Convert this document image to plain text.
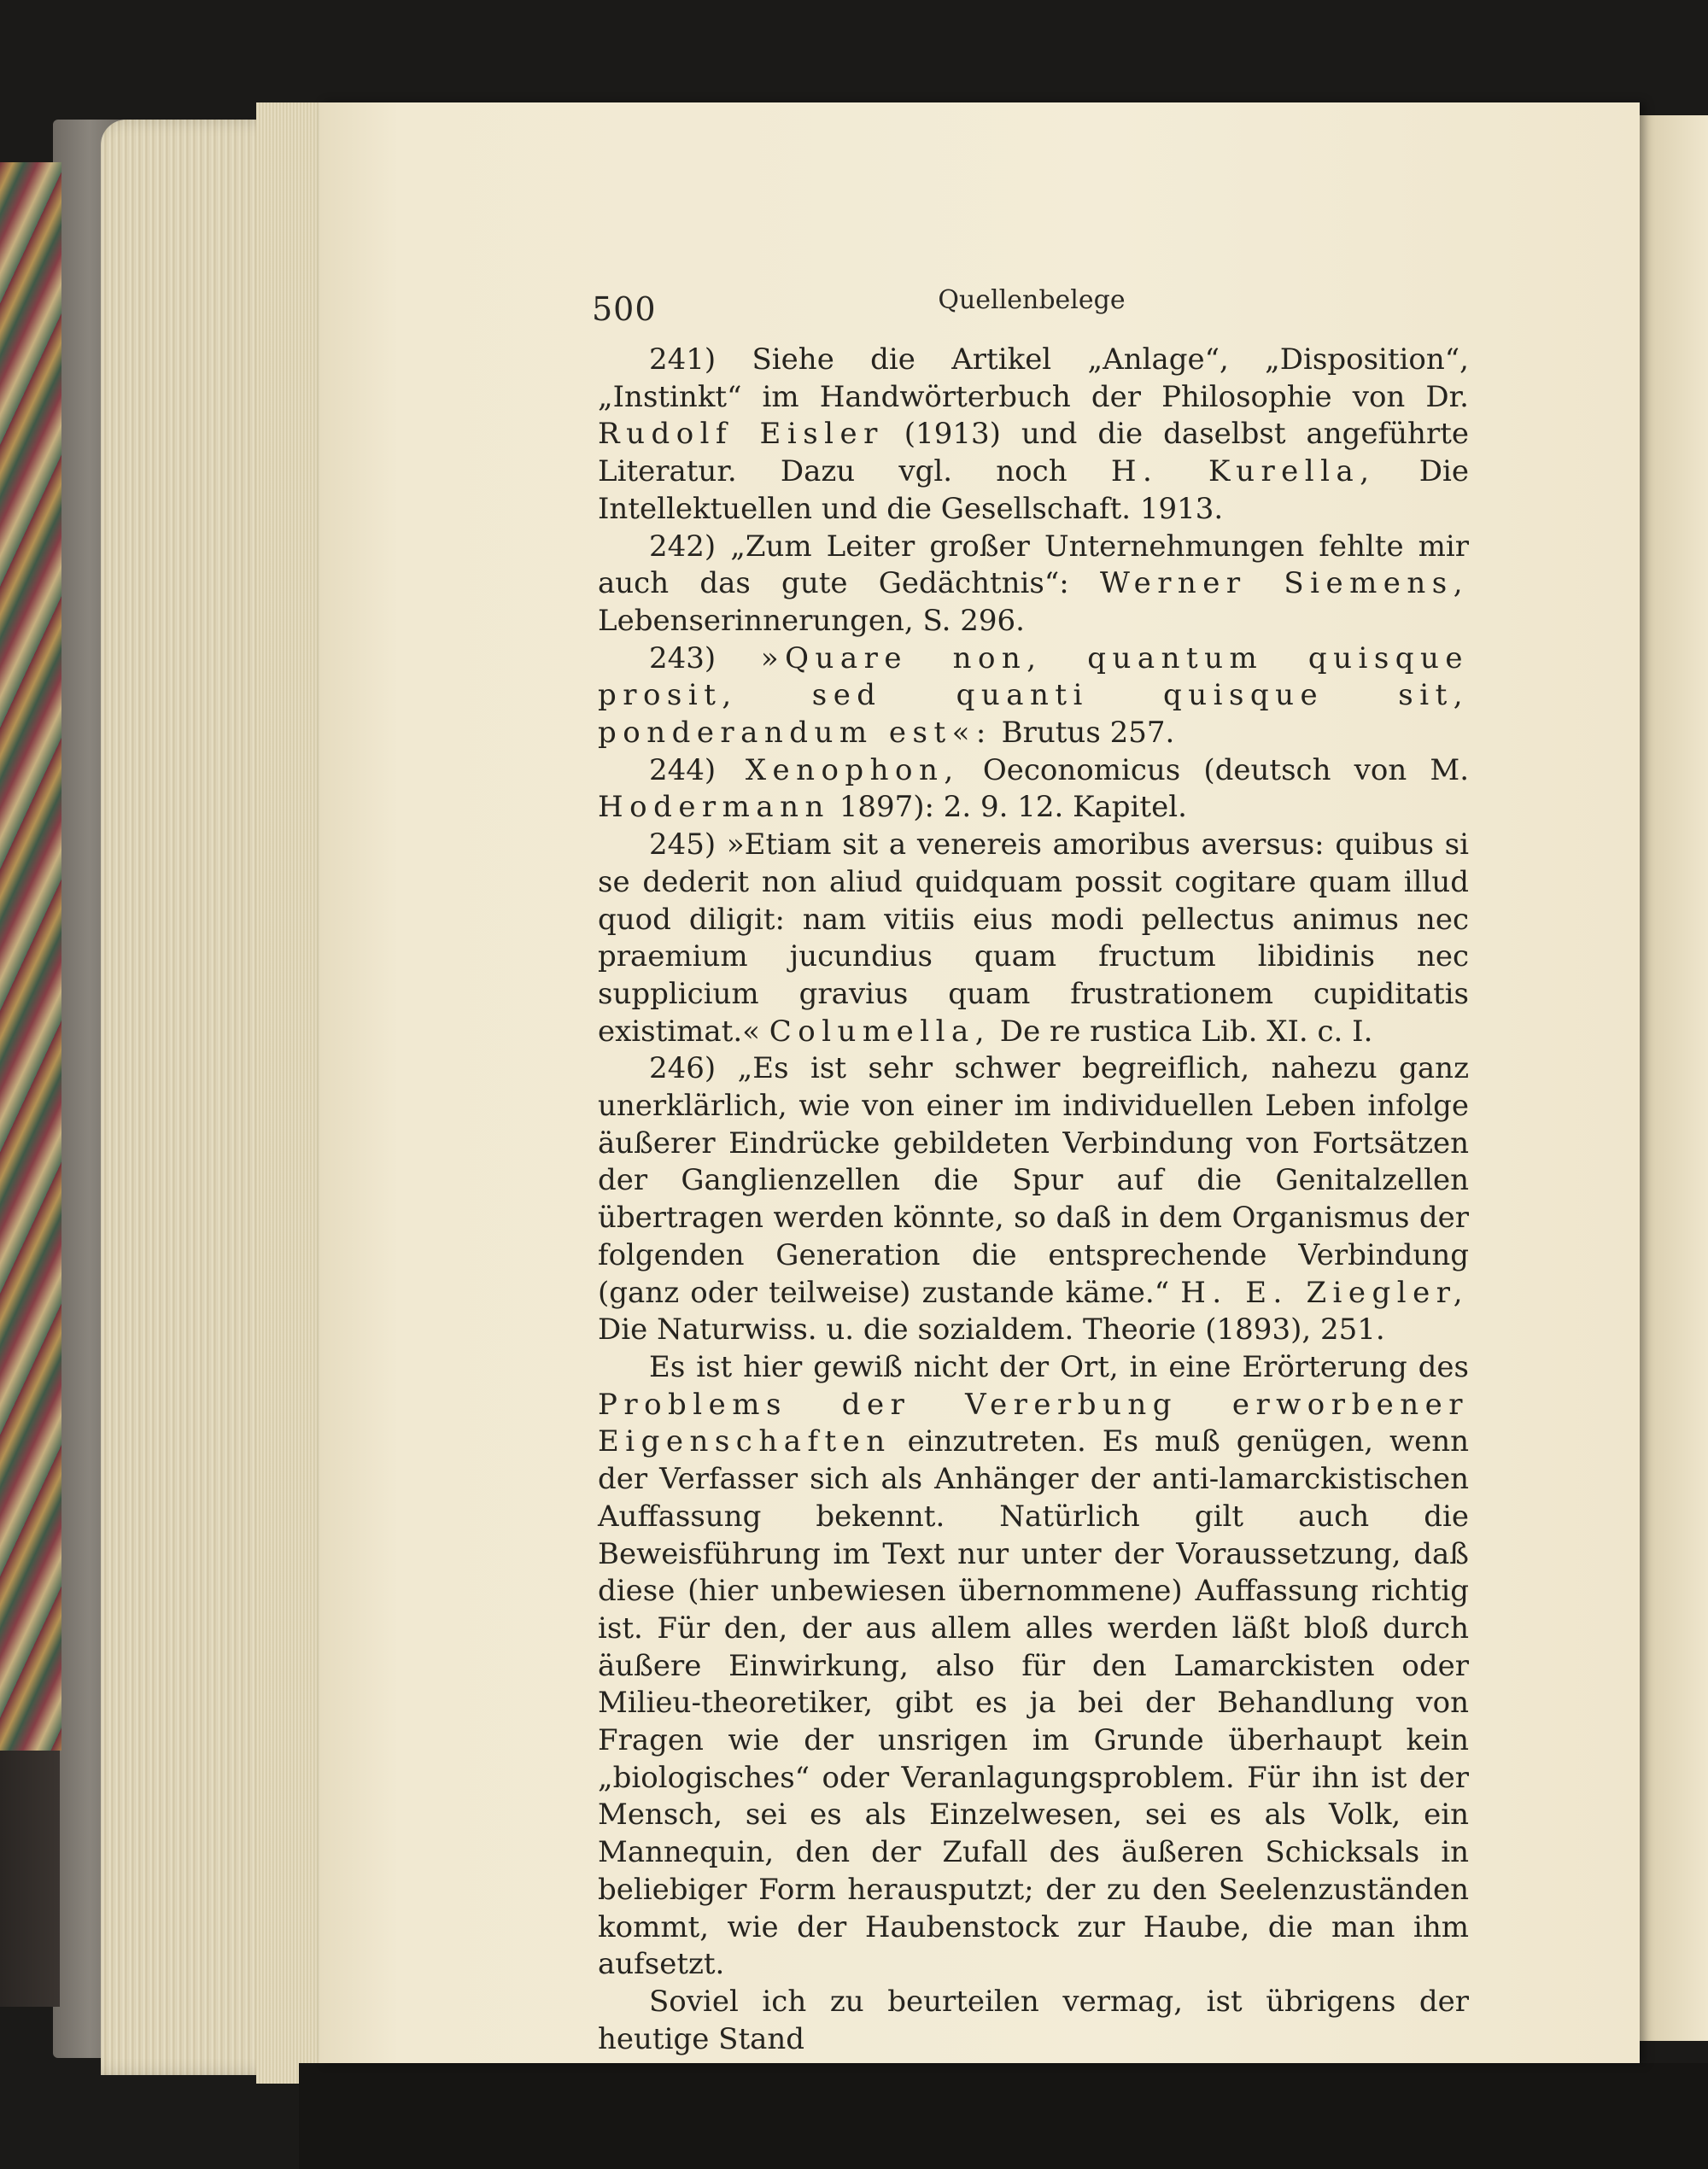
500	Quellenbelege

241) Siehe die Artikel „Anlage“, „Disposition“, „Instinkt“ im Handwörterbuch der Philosophie von Dr. Rudolf Eisler (1913) und die daselbst angeführte Literatur. Dazu vgl. noch H. Kurella, Die Intellektuellen und die Gesellschaft. 1913.

242) „Zum Leiter großer Unternehmungen fehlte mir auch das gute Gedächtnis“: Werner Siemens, Lebenserinnerungen, S. 296.

243) »Quare non, quantum quisque prosit, sed quanti quisque sit, ponderandum est«: Brutus 257.

244) Xenophon, Oeconomicus (deutsch von M. Hodermann 1897): 2. 9. 12. Kapitel.

245) »Etiam sit a venereis amoribus aversus: quibus si se dederit non aliud quidquam possit cogitare quam illud quod diligit: nam vitiis eius modi pellectus animus nec praemium jucundius quam fructum libidinis nec supplicium gravius quam frustrationem cupiditatis existimat.« Columella, De re rustica Lib. XI. c. I.

246) „Es ist sehr schwer begreiflich, nahezu ganz unerklärlich, wie von einer im individuellen Leben infolge äußerer Eindrücke gebildeten Verbindung von Fortsätzen der Ganglienzellen die Spur auf die Genitalzellen übertragen werden könnte, so daß in dem Organismus der folgenden Generation die entsprechende Verbindung (ganz oder teilweise) zustande käme.“ H. E. Ziegler, Die Naturwiss. u. die sozialdem. Theorie (1893), 251.

Es ist hier gewiß nicht der Ort, in eine Erörterung des Problems der Vererbung erworbener Eigenschaften einzutreten. Es muß genügen, wenn der Verfasser sich als Anhänger der anti-lamarckistischen Auffassung bekennt. Natürlich gilt auch die Beweisführung im Text nur unter der Voraussetzung, daß diese (hier unbewiesen übernommene) Auffassung richtig ist. Für den, der aus allem alles werden läßt bloß durch äußere Einwirkung, also für den Lamarckisten oder Milieu-theoretiker, gibt es ja bei der Behandlung von Fragen wie der unsrigen im Grunde überhaupt kein „biologisches“ oder Veranlagungsproblem. Für ihn ist der Mensch, sei es als Einzelwesen, sei es als Volk, ein Mannequin, den der Zufall des äußeren Schicksals in beliebiger Form herausputzt; der zu den Seelenzuständen kommt, wie der Haubenstock zur Haube, die man ihm aufsetzt.

Soviel ich zu beurteilen vermag, ist übrigens der heutige Stand
